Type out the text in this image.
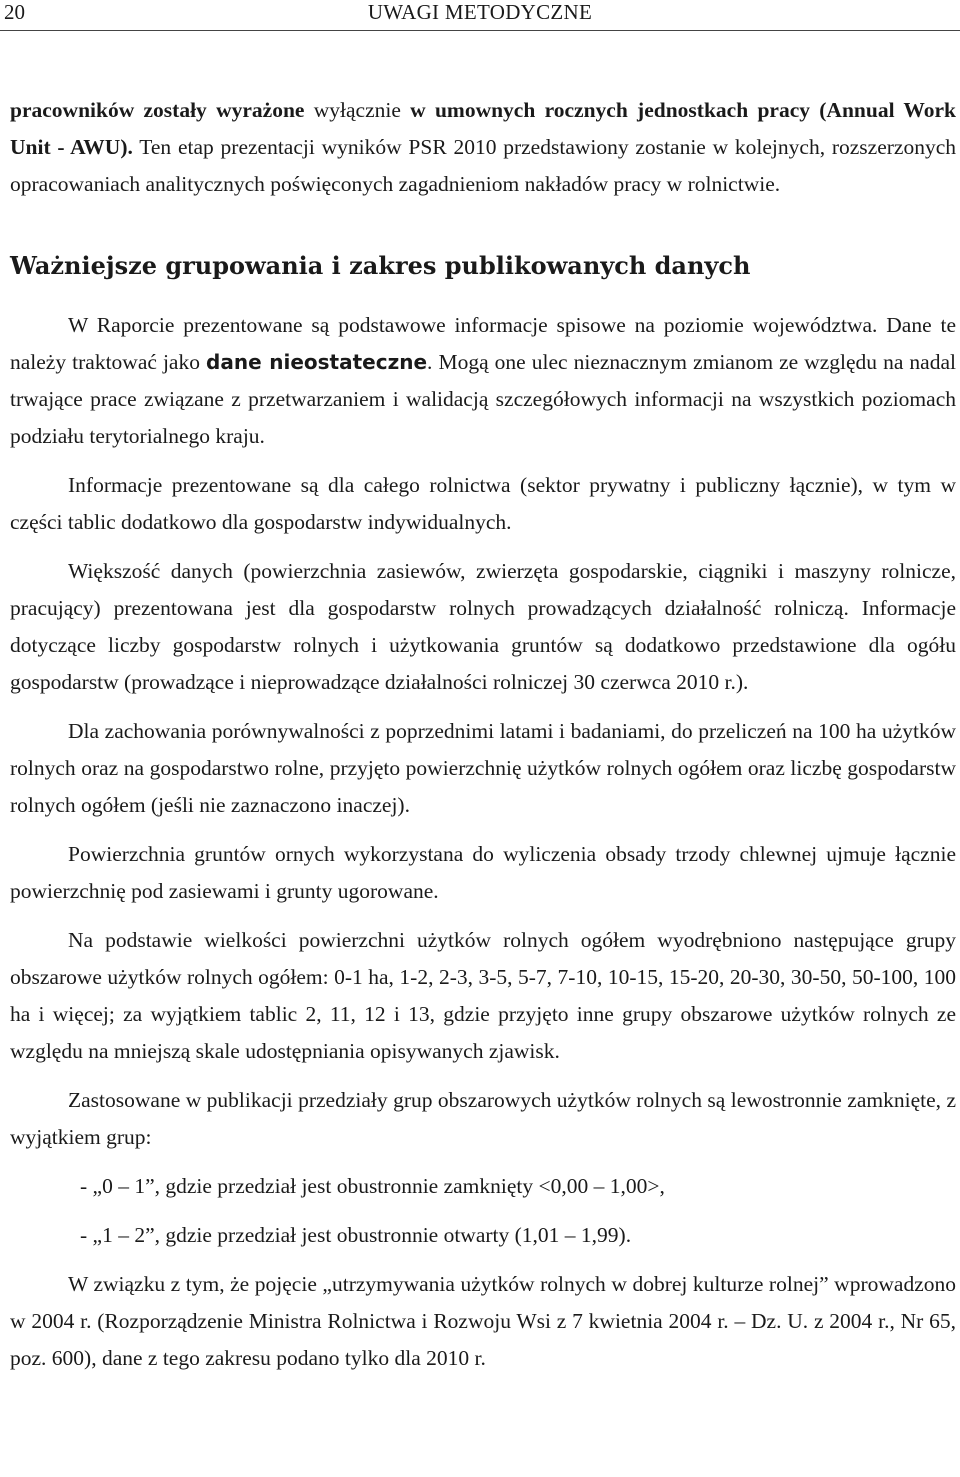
20	UWAGI METODYCZNE

pracowników zostały wyrażone wyłącznie w umownych rocznych jednostkach pracy (Annual Work Unit - AWU). Ten etap prezentacji wyników PSR 2010 przedstawiony zostanie w kolejnych, rozszerzonych opracowaniach analitycznych poświęconych zagadnieniom nakładów pracy w rolnictwie.

Ważniejsze grupowania i zakres publikowanych danych

W Raporcie prezentowane są podstawowe informacje spisowe na poziomie województwa. Dane te należy traktować jako dane nieostateczne. Mogą one ulec nieznacznym zmianom ze względu na nadal trwające prace związane z przetwarzaniem i walidacją szczegółowych informacji na wszystkich poziomach podziału terytorialnego kraju.

Informacje prezentowane są dla całego rolnictwa (sektor prywatny i publiczny łącznie), w tym w części tablic dodatkowo dla gospodarstw indywidualnych.

Większość danych (powierzchnia zasiewów, zwierzęta gospodarskie, ciągniki i maszyny rolnicze, pracujący) prezentowana jest dla gospodarstw rolnych prowadzących działalność rolniczą. Informacje dotyczące liczby gospodarstw rolnych i użytkowania gruntów są dodatkowo przedstawione dla ogółu gospodarstw (prowadzące i nieprowadzące działalności rolniczej 30 czerwca 2010 r.).

Dla zachowania porównywalności z poprzednimi latami i badaniami, do przeliczeń na 100 ha użytków rolnych oraz na gospodarstwo rolne, przyjęto powierzchnię użytków rolnych ogółem oraz liczbę gospodarstw rolnych ogółem (jeśli nie zaznaczono inaczej).

Powierzchnia gruntów ornych wykorzystana do wyliczenia obsady trzody chlewnej ujmuje łącznie powierzchnię pod zasiewami i grunty ugorowane.

Na podstawie wielkości powierzchni użytków rolnych ogółem wyodrębniono następujące grupy obszarowe użytków rolnych ogółem: 0-1 ha, 1-2, 2-3, 3-5, 5-7, 7-10, 10-15, 15-20, 20-30, 30-50, 50-100, 100 ha i więcej; za wyjątkiem tablic 2, 11, 12 i 13, gdzie przyjęto inne grupy obszarowe użytków rolnych ze względu na mniejszą skale udostępniania opisywanych zjawisk.

Zastosowane w publikacji przedziały grup obszarowych użytków rolnych są lewostronnie zamknięte, z wyjątkiem grup:

- „0 – 1”, gdzie przedział jest obustronnie zamknięty <0,00 – 1,00>,

- „1 – 2”, gdzie przedział jest obustronnie otwarty (1,01 – 1,99).

W związku z tym, że pojęcie „utrzymywania użytków rolnych w dobrej kulturze rolnej” wprowadzono w 2004 r. (Rozporządzenie Ministra Rolnictwa i Rozwoju Wsi z 7 kwietnia 2004 r. – Dz. U. z 2004 r., Nr 65, poz. 600), dane z tego zakresu podano tylko dla 2010 r.
